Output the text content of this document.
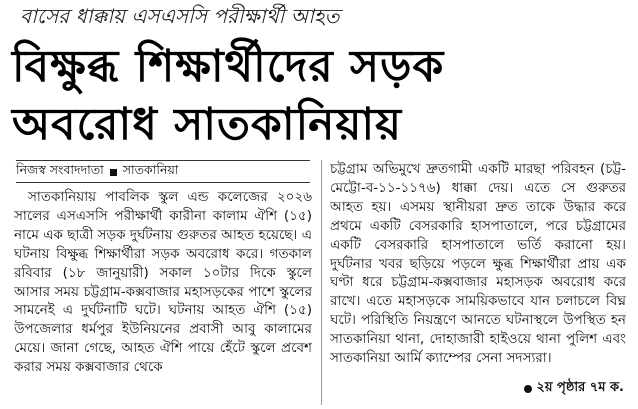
বাসের ধাক্কায় এসএসসি পরীক্ষার্থী আহত
বিক্ষুব্ধ শিক্ষার্থীদের সড়ক
অবরোধ সাতকানিয়ায়
নিজস্ব সংবাদদাতা সাতকানিয়া

সাতকানিয়ায় পাবলিক স্কুল এন্ড কলেজের ২০২৬ সালের এসএসসি পরীক্ষার্থী কারীনা কালাম ঐশি (১৫) নামে এক ছাত্রী সড়ক দুর্ঘটনায় গুরুতর আহত হয়েছে। এ ঘটনায় বিক্ষুব্ধ শিক্ষার্থীরা সড়ক অবরোধ করে। গতকাল রবিবার (১৮ জানুয়ারী) সকাল ১০টার দিকে স্কুলে আসার সময় চট্টগ্রাম-কক্সবাজার মহাসড়কের পাশে স্কুলের সামনেই এ দুর্ঘটনাটি ঘটে। ঘটনায় আহত ঐশি (১৫) উপজেলার ধর্মপুর ইউনিয়নের প্রবাসী আবু কালামের মেয়ে। জানা গেছে, আহত ঐশি পায়ে হেঁটে স্কুলে প্রবেশ করার সময় কক্সবাজার থেকে

চট্টগ্রাম অভিমুখে দ্রুতগামী একটি মারছা পরিবহন (চট্ট-মেট্টো-ব-১১-১১৭৬) ধাক্কা দেয়। এতে সে গুরুতর আহত হয়। এসময় স্থানীয়রা দ্রুত তাকে উদ্ধার করে প্রথমে একটি বেসরকারি হাসপাতালে, পরে চট্টগ্রামের একটি বেসরকারি হাসপাতালে ভর্তি করানো হয়। দুর্ঘটনার খবর ছড়িয়ে পড়লে ক্ষুব্ধ শিক্ষার্থীরা প্রায় এক ঘণ্টা ধরে চট্টগ্রাম-কক্সবাজার মহাসড়ক অবরোধ করে রাখে। এতে মহাসড়কে সাময়িকভাবে যান চলাচলে বিঘ্ন ঘটে। পরিস্থিতি নিয়ন্ত্রণে আনতে ঘটনাস্থলে উপস্থিত হন সাতকানিয়া থানা, দোহাজারী হাইওয়ে থানা পুলিশ এবং সাতকানিয়া আর্মি ক্যাম্পের সেনা সদস্যরা।

২য় পৃষ্ঠার ৭ম ক.
